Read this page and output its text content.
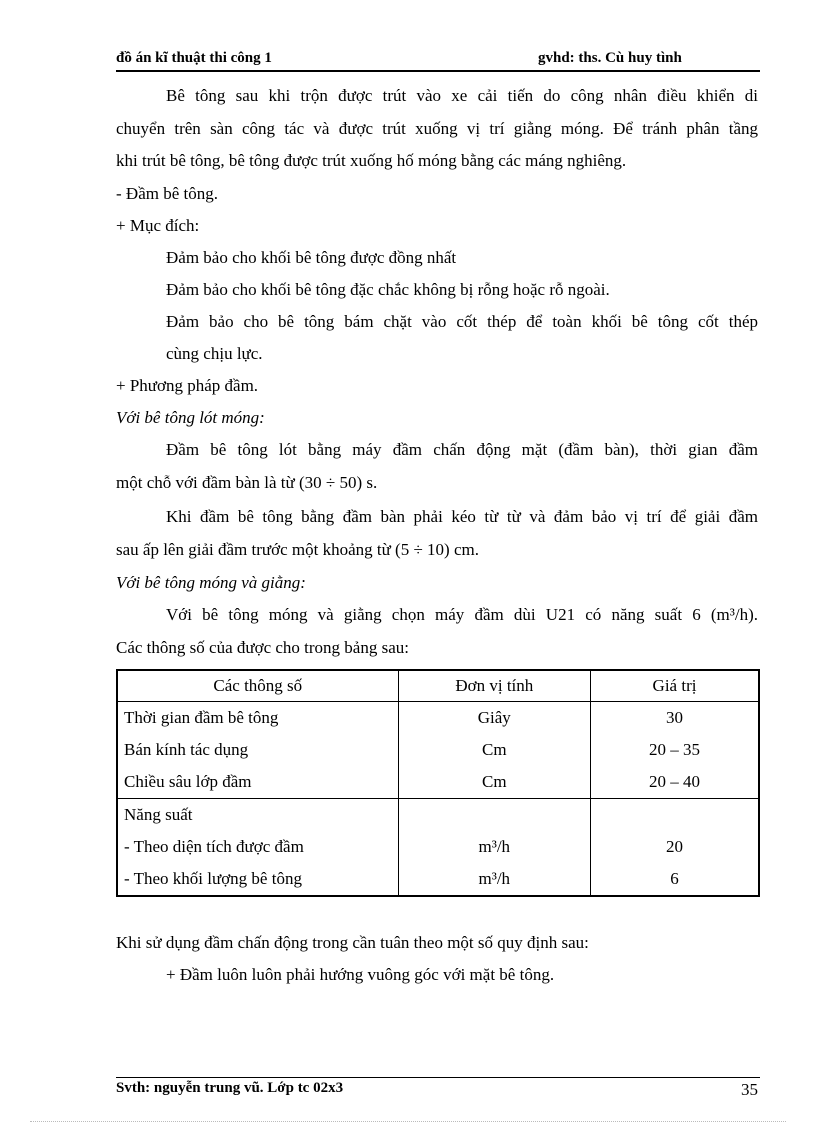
đồ án kĩ thuật thi công 1	gvhd: ths. Cù huy tình
Bê tông sau khi trộn được trút vào xe cải tiến do công nhân điều khiển di
chuyển trên sàn công tác và được trút xuống vị trí giằng móng. Để tránh phân tầng
khi trút bê tông, bê tông được trút xuống hố móng bằng các máng nghiêng.
- Đầm bê tông.
+ Mục đích:
Đảm bảo cho khối bê tông được đồng nhất
Đảm bảo cho khối bê tông đặc chắc không bị rỗng hoặc rỗ ngoài.
Đảm bảo cho bê tông bám chặt vào cốt thép để toàn khối bê tông cốt thép
cùng chịu lực.
+ Phương pháp đầm.
Với bê tông lót móng:
Đầm bê tông lót bằng máy đầm chấn động mặt (đầm bàn), thời gian đầm
một chỗ với đầm bàn là từ (30 ÷ 50) s.
Khi đầm bê tông bằng đầm bàn phải kéo từ từ và đảm bảo vị trí để giải đầm
sau ấp lên giải đầm trước một khoảng từ (5 ÷ 10) cm.
Với bê tông móng và giằng:
Với bê tông móng và giằng chọn máy đầm dùi U21 có năng suất 6 (m³/h).
Các thông số của được cho trong bảng sau:
Các thông số	Đơn vị tính	Giá trị
Thời gian đầm bê tông	Giây	30
Bán kính tác dụng	Cm	20 – 35
Chiều sâu lớp đầm	Cm	20 – 40
Năng suất		
- Theo diện tích được đầm	m³/h	20
- Theo khối lượng bê tông	m³/h	6
Khi sử dụng đầm chấn động trong cần tuân theo một số quy định sau:
+ Đầm luôn luôn phải hướng vuông góc với mặt bê tông.
Svth: nguyễn trung vũ. Lớp tc 02x3	35
